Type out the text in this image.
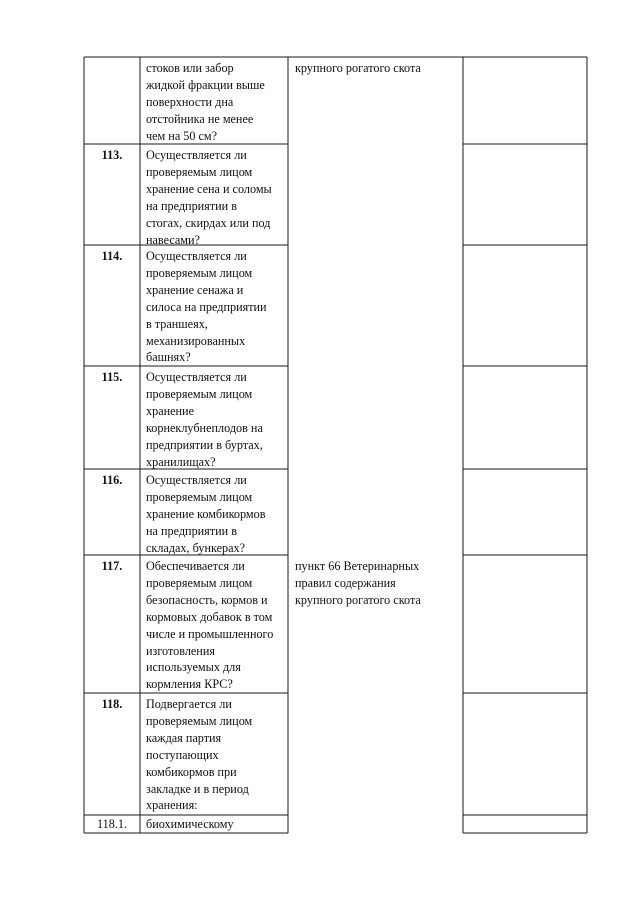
113.
114.
115.
116.
117.
118.
118.1.
стоков или забор
жидкой фракции выше
поверхности дна
отстойника не менее
чем на 50 см?
Осуществляется ли
проверяемым лицом
хранение сена и соломы
на предприятии в
стогах, скирдах или под
навесами?
Осуществляется ли
проверяемым лицом
хранение сенажа и
силоса на предприятии
в траншеях,
механизированных
башнях?
Осуществляется ли
проверяемым лицом
хранение
корнеклубнеплодов на
предприятии в буртах,
хранилищах?
Осуществляется ли
проверяемым лицом
хранение комбикормов
на предприятии в
складах, бункерах?
Обеспечивается ли
проверяемым лицом
безопасность, кормов и
кормовых добавок в том
числе и промышленного
изготовления
используемых для
кормления КРС?
Подвергается ли
проверяемым лицом
каждая партия
поступающих
комбикормов при
закладке и в период
хранения:
биохимическому
крупного рогатого скота
пункт 66 Ветеринарных
правил содержания
крупного рогатого скота
